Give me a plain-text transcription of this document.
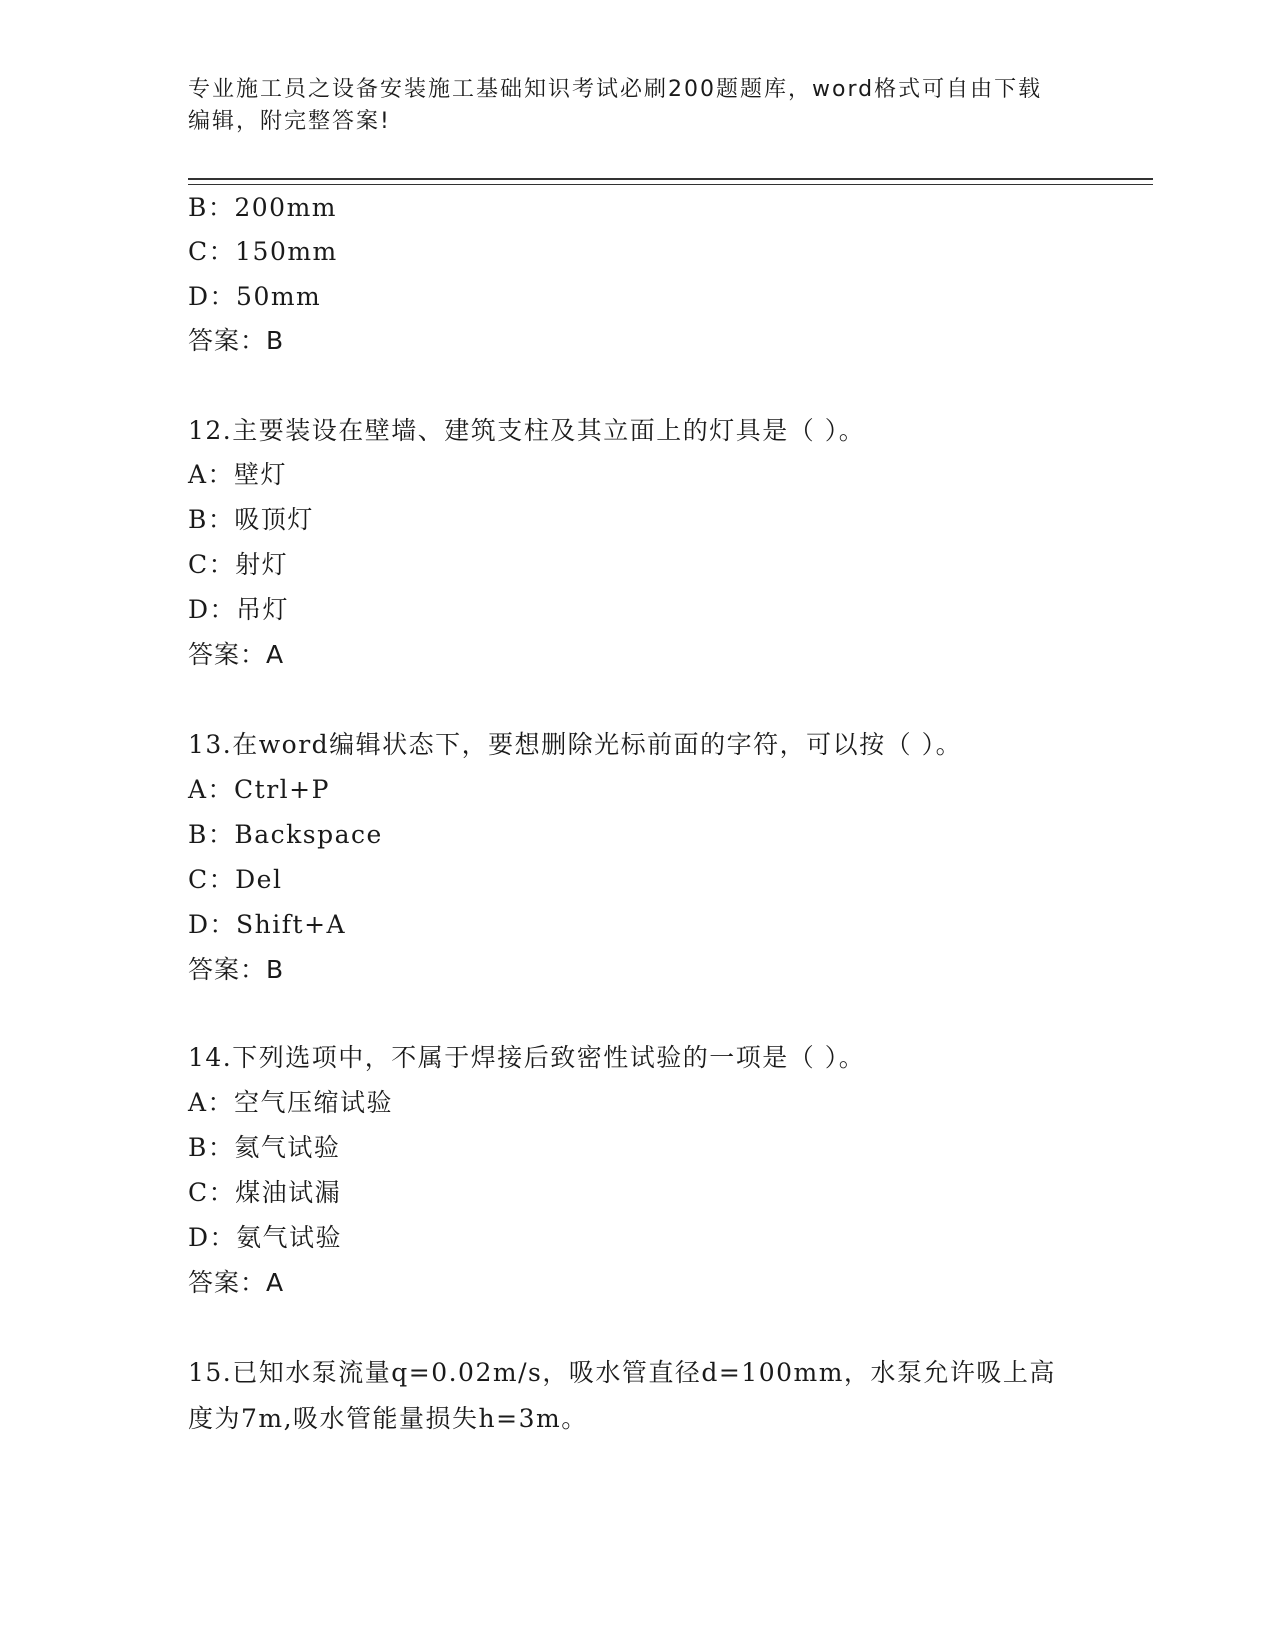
专业施工员之设备安装施工基础知识考试必刷200题题库，word格式可自由下载
编辑，附完整答案!
B：200mm
C：150mm
D：50mm
答案：B
12.主要装设在壁墙、建筑支柱及其立面上的灯具是（ ）。
A：壁灯
B：吸顶灯
C：射灯
D：吊灯
答案：A
13.在word编辑状态下，要想删除光标前面的字符，可以按（ ）。
A：Ctrl+P
B：Backspace
C：Del
D：Shift+A
答案：B
14.下列选项中，不属于焊接后致密性试验的一项是（ ）。
A：空气压缩试验
B：氦气试验
C：煤油试漏
D：氨气试验
答案：A
15.已知水泵流量q=0.02m/s，吸水管直径d=100mm，水泵允许吸上高
度为7m,吸水管能量损失h=3m。
